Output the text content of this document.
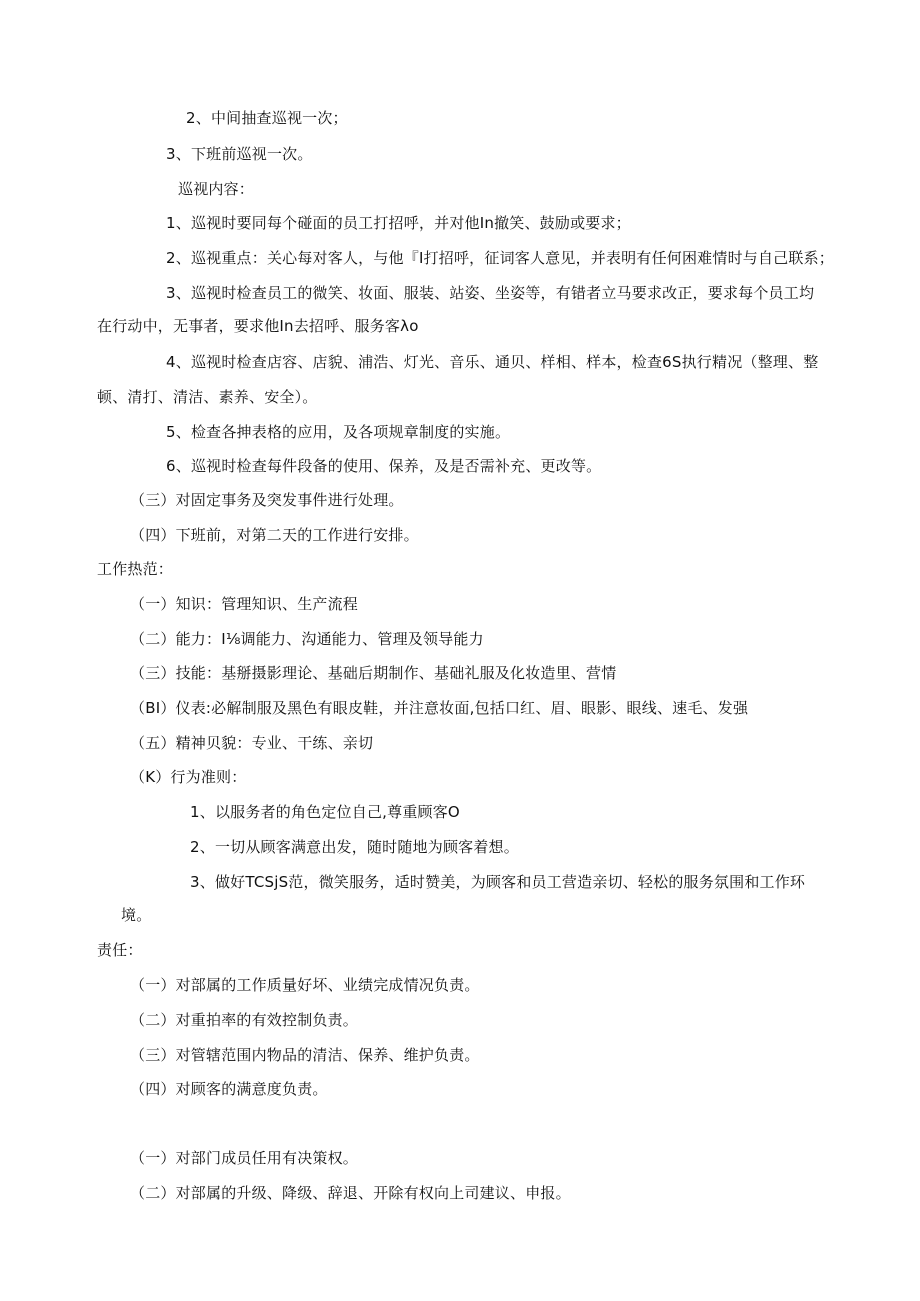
2、中间抽查巡视一次；
3、下班前巡视一次。
巡视内容：
1、巡视时要同每个碰面的员工打招呼，并对他In撤笑、鼓励或要求；
2、巡视重点：关心每对客人，与他『I打招呼，征词客人意见，并表明有任何困难情时与自己联系；
3、巡视时检查员工的微笑、妆面、服装、站姿、坐姿等，有错者立马要求改正，要求每个员工均
在行动中，无事者，要求他In去招呼、服务客λo
4、巡视时检查店容、店貌、浦浩、灯光、音乐、通贝、样相、样本，检查6S执行精况（整理、整
顿、清打、清洁、素养、安全）。
5、检查各抻表格的应用，及各项规章制度的实施。
6、巡视时检查每件段备的使用、保养，及是否需补充、更改等。
（三）对固定事务及突发事件进行处理。
（四）下班前，对第二天的工作进行安排。
工作热范：
（一）知识：管理知识、生产流程
（二）能力：I⅛调能力、沟通能力、管理及领导能力
（三）技能：基掰摄影理论、基础后期制作、基础礼服及化妆造里、营情
（BI）仪表:必解制服及黑色有眼皮鞋，并注意妆面,包括口红、眉、眼影、眼线、速毛、发强
（五）精神贝貌：专业、干练、亲切
（K）行为准则：
1、以服务者的角色定位自己,尊重顾客O
2、一切从顾客满意出发，随时随地为顾客着想。
3、做好TCSjS范，微笑服务，适时赞美，为顾客和员工营造亲切、轻松的服务氛围和工作环
境。
责任：
（一）对部属的工作质量好坏、业绩完成情况负责。
（二）对重拍率的有效控制负责。
（三）对管辖范围内物品的清洁、保养、维护负责。
（四）对顾客的满意度负责。
（一）对部门成员任用有决策权。
（二）对部属的升级、降级、辞退、开除有权向上司建议、申报。
